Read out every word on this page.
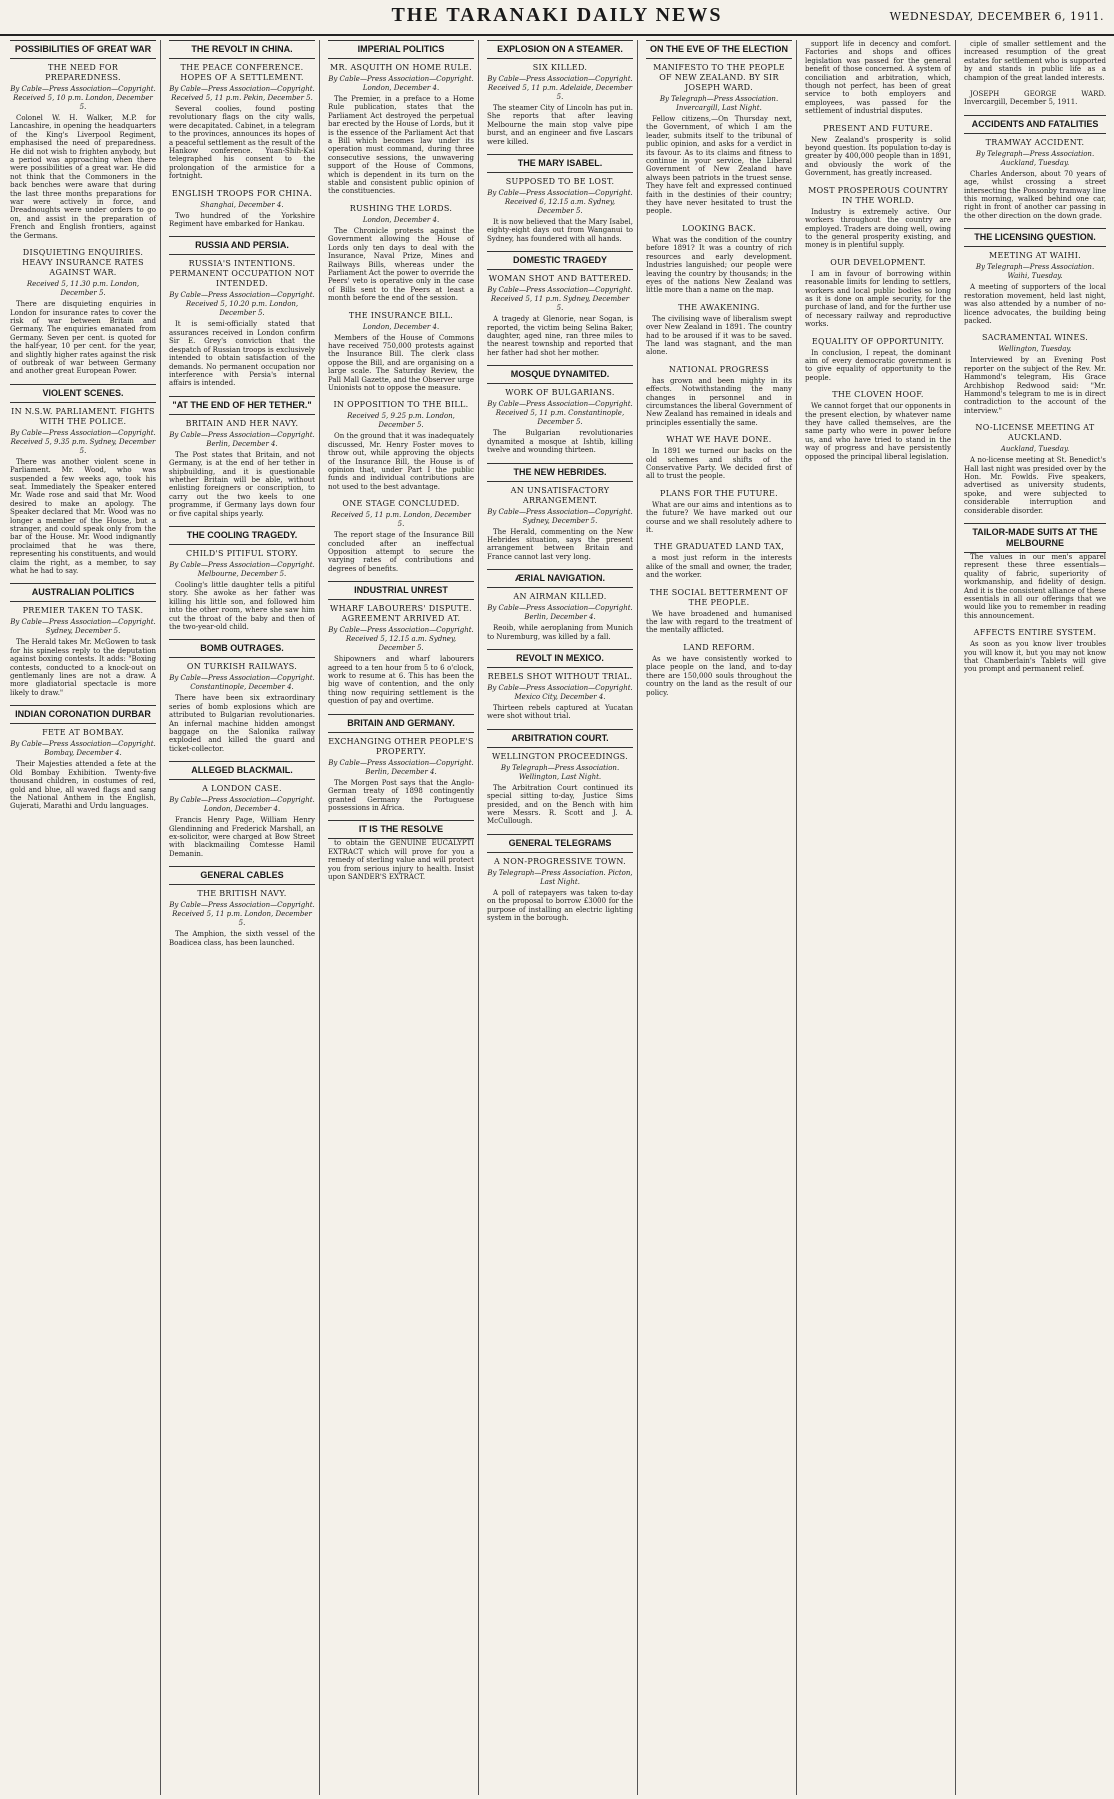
THE TARANAKI DAILY NEWS	WEDNESDAY, DECEMBER 6, 1911.
POSSIBILITIES OF GREAT WAR
THE NEED FOR PREPAREDNESS.
By Cable—Press Association—Copyright. Received 5, 10 p.m. London, December 5.

Colonel W. H. Walker, M.P. for Lancashire, in opening the headquarters of the King's Liverpool Regiment, emphasised the need of preparedness. He did not wish to frighten anybody, but a period was approaching when there were possibilities of a great war. He did not think that the Commoners in the back benches were aware that during the last three months preparations for war were actively in force, and Dreadnoughts were under orders to go on, and assist in the preparation of French and English frontiers, against the Germans.

DISQUIETING ENQUIRIES. HEAVY INSURANCE RATES AGAINST WAR.
Received 5, 11.30 p.m. London, December 5.

There are disquieting enquiries in London for insurance rates to cover the risk of war between Britain and Germany. The enquiries emanated from Germany. Seven per cent. is quoted for the half-year, 10 per cent. for the year, and slightly higher rates against the risk of outbreak of war between Germany and another great European Power.

VIOLENT SCENES.
IN N.S.W. PARLIAMENT. FIGHTS WITH THE POLICE.
By Cable—Press Association—Copyright. Received 5, 9.35 p.m. Sydney, December 5.

There was another violent scene in Parliament. Mr. Wood, who was suspended a few weeks ago, took his seat. Immediately the Speaker entered Mr. Wade rose and said that Mr. Wood desired to make an apology. The Speaker declared that Mr. Wood was no longer a member of the House, but a stranger, and could speak only from the bar of the House. Mr. Wood indignantly proclaimed that he was there, representing his constituents, and would claim the right, as a member, to say what he had to say.

AUSTRALIAN POLITICS
PREMIER TAKEN TO TASK.
By Cable—Press Association—Copyright. Sydney, December 5.

The Herald takes Mr. McGowen to task for his spineless reply to the deputation against boxing contests. It adds: "Boxing contests, conducted to a knock-out on gentlemanly lines are not a draw. A more gladiatorial spectacle is more likely to draw."

INDIAN CORONATION DURBAR
FETE AT BOMBAY.
By Cable—Press Association—Copyright. Bombay, December 4.

Their Majesties attended a fete at the Old Bombay Exhibition. Twenty-five thousand children, in costumes of red, gold and blue, all waved flags and sang the National Anthem in the English, Gujerati, Marathi and Urdu languages.

THE REVOLT IN CHINA.
THE PEACE CONFERENCE. HOPES OF A SETTLEMENT.
By Cable—Press Association—Copyright. Received 5, 11 p.m. Pekin, December 5.

Several coolies, found posting revolutionary flags on the city walls, were decapitated. Cabinet, in a telegram to the provinces, announces its hopes of a peaceful settlement as the result of the Hankow conference. Yuan-Shih-Kai telegraphed his consent to the prolongation of the armistice for a fortnight.

ENGLISH TROOPS FOR CHINA.
Shanghai, December 4.

Two hundred of the Yorkshire Regiment have embarked for Hankau.

RUSSIA AND PERSIA.
RUSSIA'S INTENTIONS. PERMANENT OCCUPATION NOT INTENDED.
By Cable—Press Association—Copyright. Received 5, 10.20 p.m. London, December 5.

It is semi-officially stated that assurances received in London confirm Sir E. Grey's conviction that the despatch of Russian troops is exclusively intended to obtain satisfaction of the demands. No permanent occupation nor interference with Persia's internal affairs is intended.

"AT THE END OF HER TETHER."
BRITAIN AND HER NAVY.
By Cable—Press Association—Copyright. Berlin, December 4.

The Post states that Britain, and not Germany, is at the end of her tether in shipbuilding, and it is questionable whether Britain will be able, without enlisting foreigners or conscription, to carry out the two keels to one programme, if Germany lays down four or five capital ships yearly.

THE COOLING TRAGEDY.
CHILD'S PITIFUL STORY.
By Cable—Press Association—Copyright. Melbourne, December 5.

Cooling's little daughter tells a pitiful story. She awoke as her father was killing his little son, and followed him into the other room, where she saw him cut the throat of the baby and then of the two-year-old child.

BOMB OUTRAGES.
ON TURKISH RAILWAYS.
By Cable—Press Association—Copyright. Constantinople, December 4.

There have been six extraordinary series of bomb explosions which are attributed to Bulgarian revolutionaries. An infernal machine hidden amongst baggage on the Salonika railway exploded and killed the guard and ticket-collector.

ALLEGED BLACKMAIL.
A LONDON CASE.
By Cable—Press Association—Copyright. London, December 4.

Francis Henry Page, William Henry Glendinning and Frederick Marshall, an ex-solicitor, were charged at Bow Street with blackmailing Comtesse Hamil Demanin.

GENERAL CABLES
THE BRITISH NAVY.
By Cable—Press Association—Copyright. Received 5, 11 p.m. London, December 5.

The Amphion, the sixth vessel of the Boadicea class, has been launched.

IMPERIAL POLITICS
MR. ASQUITH ON HOME RULE.
By Cable—Press Association—Copyright. London, December 4.

The Premier, in a preface to a Home Rule publication, states that the Parliament Act destroyed the perpetual bar erected by the House of Lords, but it is the essence of the Parliament Act that a Bill which becomes law under its operation must command, during three consecutive sessions, the unwavering support of the House of Commons, which is dependent in its turn on the stable and consistent public opinion of the constituencies.

RUSHING THE LORDS.
London, December 4.

The Chronicle protests against the Government allowing the House of Lords only ten days to deal with the Insurance, Naval Prize, Mines and Railways Bills, whereas under the Parliament Act the power to override the Peers' veto is operative only in the case of Bills sent to the Peers at least a month before the end of the session.

THE INSURANCE BILL.
London, December 4.

Members of the House of Commons have received 750,000 protests against the Insurance Bill. The clerk class oppose the Bill, and are organising on a large scale. The Saturday Review, the Pall Mall Gazette, and the Observer urge Unionists not to oppose the measure.

IN OPPOSITION TO THE BILL.
Received 5, 9.25 p.m. London, December 5.

On the ground that it was inadequately discussed, Mr. Henry Foster moves to throw out, while approving the objects of the Insurance Bill, the House is of opinion that, under Part I the public funds and individual contributions are not used to the best advantage.

ONE STAGE CONCLUDED.
Received 5, 11 p.m. London, December 5.

The report stage of the Insurance Bill concluded after an ineffectual Opposition attempt to secure the varying rates of contributions and degrees of benefits.

INDUSTRIAL UNREST
WHARF LABOURERS' DISPUTE. AGREEMENT ARRIVED AT.
By Cable—Press Association—Copyright. Received 5, 12.15 a.m. Sydney, December 5.

Shipowners and wharf labourers agreed to a ten hour from 5 to 6 o'clock, work to resume at 6. This has been the big wave of contention, and the only thing now requiring settlement is the question of pay and overtime.

BRITAIN AND GERMANY.
EXCHANGING OTHER PEOPLE'S PROPERTY.
By Cable—Press Association—Copyright. Berlin, December 4.

The Morgen Post says that the Anglo-German treaty of 1898 contingently granted Germany the Portuguese possessions in Africa.

IT IS THE RESOLVE

to obtain the GENUINE EUCALYPTI EXTRACT which will prove for you a remedy of sterling value and will protect you from serious injury to health. Insist upon SANDER'S EXTRACT.

EXPLOSION ON A STEAMER.
SIX KILLED.
By Cable—Press Association—Copyright. Received 5, 11 p.m. Adelaide, December 5.

The steamer City of Lincoln has put in. She reports that after leaving Melbourne the main stop valve pipe burst, and an engineer and five Lascars were killed.

THE MARY ISABEL.
SUPPOSED TO BE LOST.
By Cable—Press Association—Copyright. Received 6, 12.15 a.m. Sydney, December 5.

It is now believed that the Mary Isabel, eighty-eight days out from Wanganui to Sydney, has foundered with all hands.

DOMESTIC TRAGEDY
WOMAN SHOT AND BATTERED.
By Cable—Press Association—Copyright. Received 5, 11 p.m. Sydney, December 5.

A tragedy at Glenorie, near Sogan, is reported, the victim being Selina Baker, daughter, aged nine, ran three miles to the nearest township and reported that her father had shot her mother.

MOSQUE DYNAMITED.
WORK OF BULGARIANS.
By Cable—Press Association—Copyright. Received 5, 11 p.m. Constantinople, December 5.

The Bulgarian revolutionaries dynamited a mosque at Ishtib, killing twelve and wounding thirteen.

THE NEW HEBRIDES.
AN UNSATISFACTORY ARRANGEMENT.
By Cable—Press Association—Copyright. Sydney, December 5.

The Herald, commenting on the New Hebrides situation, says the present arrangement between Britain and France cannot last very long.

ÆRIAL NAVIGATION.
AN AIRMAN KILLED.
By Cable—Press Association—Copyright. Berlin, December 4.

Reoib, while aeroplaning from Munich to Nuremburg, was killed by a fall.

REVOLT IN MEXICO.
REBELS SHOT WITHOUT TRIAL.
By Cable—Press Association—Copyright. Mexico City, December 4.

Thirteen rebels captured at Yucatan were shot without trial.

ARBITRATION COURT.
WELLINGTON PROCEEDINGS.
By Telegraph—Press Association. Wellington, Last Night.

The Arbitration Court continued its special sitting to-day, Justice Sims presided, and on the Bench with him were Messrs. R. Scott and J. A. McCullough.

GENERAL TELEGRAMS
A NON-PROGRESSIVE TOWN.
By Telegraph—Press Association. Picton, Last Night.

A poll of ratepayers was taken to-day on the proposal to borrow £3000 for the purpose of installing an electric lighting system in the borough.

ON THE EVE OF THE ELECTION
MANIFESTO TO THE PEOPLE OF NEW ZEALAND. BY SIR JOSEPH WARD.
By Telegraph—Press Association. Invercargill, Last Night.

Fellow citizens,—On Thursday next, the Government, of which I am the leader, submits itself to the tribunal of public opinion, and asks for a verdict in its favour. As to its claims and fitness to continue in your service, the Liberal Government of New Zealand have always been patriots in the truest sense. They have felt and expressed continued faith in the destinies of their country; they have never hesitated to trust the people.

LOOKING BACK.

What was the condition of the country before 1891? It was a country of rich resources and early development. Industries languished; our people were leaving the country by thousands; in the eyes of the nations New Zealand was little more than a name on the map.

THE AWAKENING.

The civilising wave of liberalism swept over New Zealand in 1891. The country had to be aroused if it was to be saved. The land was stagnant, and the man alone.

NATIONAL PROGRESS

has grown and been mighty in its effects. Notwithstanding the many changes in personnel and in circumstances the liberal Government of New Zealand has remained in ideals and principles essentially the same.

WHAT WE HAVE DONE.

In 1891 we turned our backs on the old schemes and shifts of the Conservative Party. We decided first of all to trust the people.

PLANS FOR THE FUTURE.

What are our aims and intentions as to the future? We have marked out our course and we shall resolutely adhere to it.

THE GRADUATED LAND TAX,

a most just reform in the interests alike of the small and owner, the trader, and the worker.

THE SOCIAL BETTERMENT OF THE PEOPLE.

We have broadened and humanised the law with regard to the treatment of the mentally afflicted.

LAND REFORM.

As we have consistently worked to place people on the land, and to-day there are 150,000 souls throughout the country on the land as the result of our policy.

support life in decency and comfort. Factories and shops and offices legislation was passed for the general benefit of those concerned. A system of conciliation and arbitration, which, though not perfect, has been of great service to both employers and employees, was passed for the settlement of industrial disputes.

PRESENT AND FUTURE.

New Zealand's prosperity is solid beyond question. Its population to-day is greater by 400,000 people than in 1891, and obviously the work of the Government, has greatly increased.

MOST PROSPEROUS COUNTRY IN THE WORLD.

Industry is extremely active. Our workers throughout the country are employed. Traders are doing well, owing to the general prosperity existing, and money is in plentiful supply.

OUR DEVELOPMENT.

I am in favour of borrowing within reasonable limits for lending to settlers, workers and local public bodies so long as it is done on ample security, for the purchase of land, and for the further use of necessary railway and reproductive works.

EQUALITY OF OPPORTUNITY.

In conclusion, I repeat, the dominant aim of every democratic government is to give equality of opportunity to the people.

THE CLOVEN HOOF.

We cannot forget that our opponents in the present election, by whatever name they have called themselves, are the same party who were in power before us, and who have tried to stand in the way of progress and have persistently opposed the principal liberal legislation.

ciple of smaller settlement and the increased resumption of the great estates for settlement who is supported by and stands in public life as a champion of the great landed interests.

JOSEPH GEORGE WARD. Invercargill, December 5, 1911.

ACCIDENTS AND FATALITIES
TRAMWAY ACCIDENT.
By Telegraph—Press Association. Auckland, Tuesday.

Charles Anderson, about 70 years of age, whilst crossing a street intersecting the Ponsonby tramway line this morning, walked behind one car, right in front of another car passing in the other direction on the down grade.

THE LICENSING QUESTION.
MEETING AT WAIHI.
By Telegraph—Press Association. Waihi, Tuesday.

A meeting of supporters of the local restoration movement, held last night, was also attended by a number of no-licence advocates, the building being packed.

SACRAMENTAL WINES.
Wellington, Tuesday.

Interviewed by an Evening Post reporter on the subject of the Rev. Mr. Hammond's telegram, His Grace Archbishop Redwood said: "Mr. Hammond's telegram to me is in direct contradiction to the account of the interview."

NO-LICENSE MEETING AT AUCKLAND.
Auckland, Tuesday.

A no-license meeting at St. Benedict's Hall last night was presided over by the Hon. Mr. Fowlds. Five speakers, advertised as university students, spoke, and were subjected to considerable interruption and considerable disorder.

TAILOR-MADE SUITS AT THE MELBOURNE

The values in our men's apparel represent these three essentials—quality of fabric, superiority of workmanship, and fidelity of design. And it is the consistent alliance of these essentials in all our offerings that we would like you to remember in reading this announcement.

AFFECTS ENTIRE SYSTEM.

As soon as you know liver troubles you will know it, but you may not know that Chamberlain's Tablets will give you prompt and permanent relief.
